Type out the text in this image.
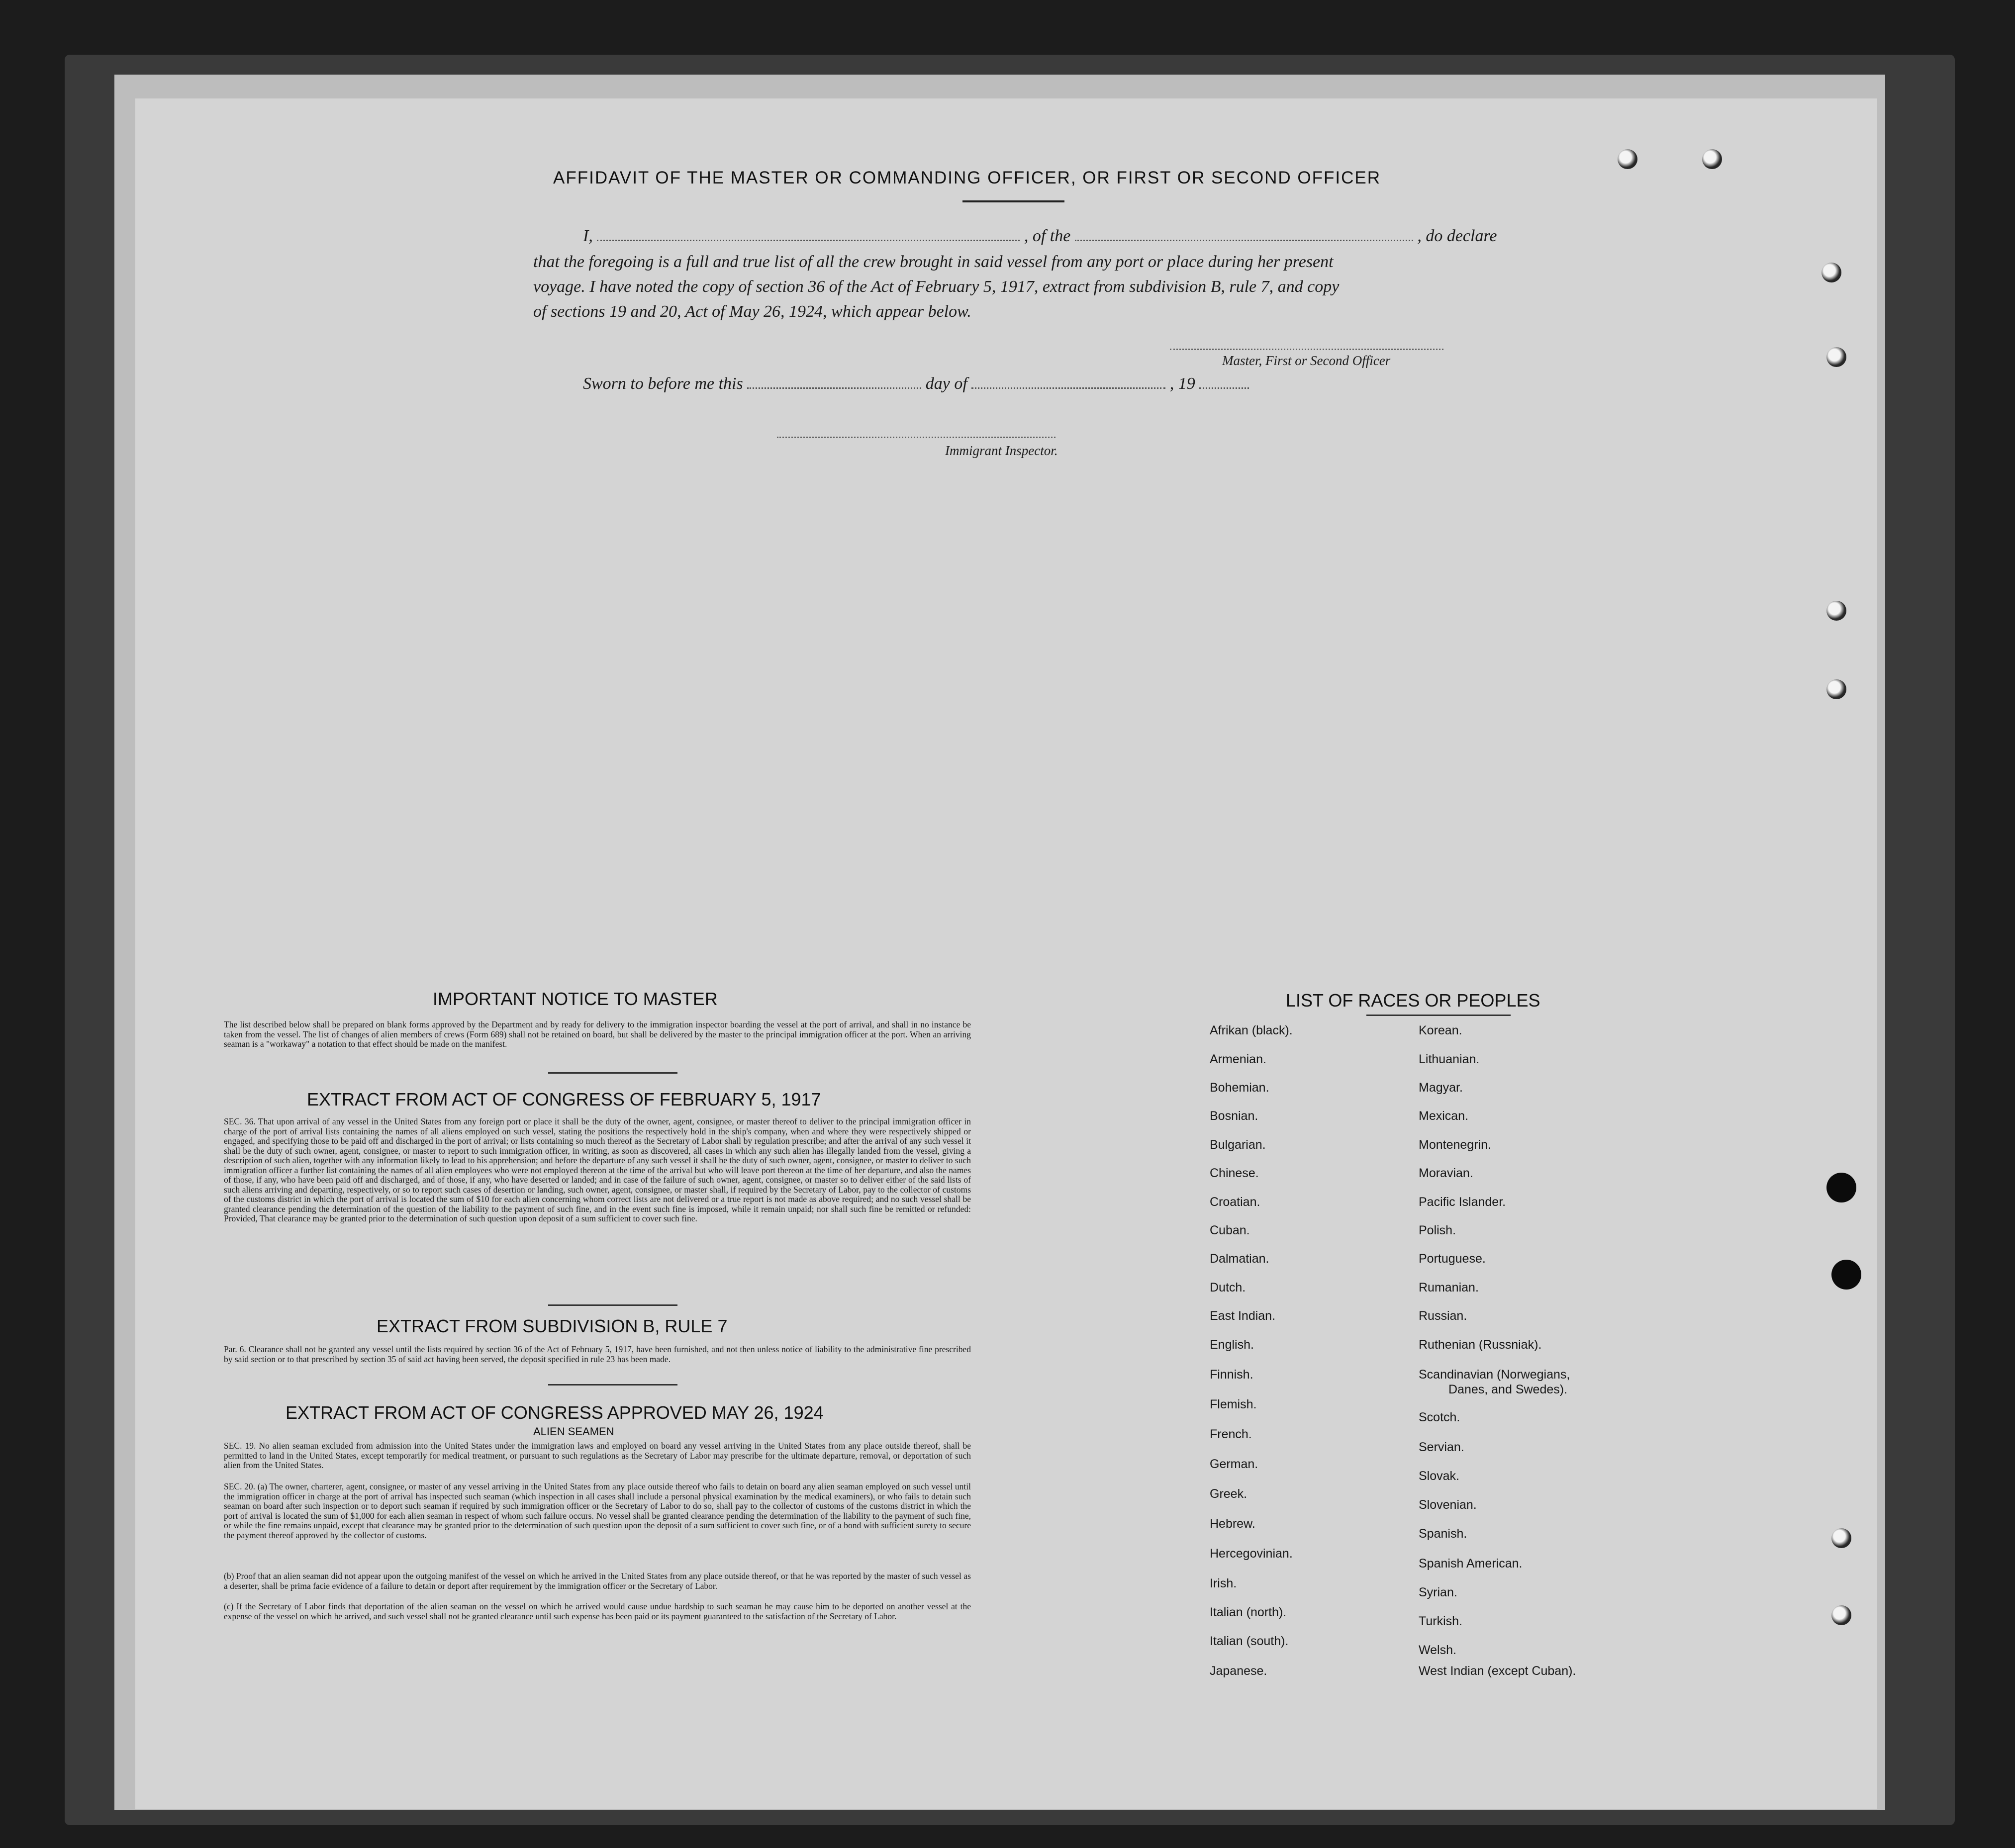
AFFIDAVIT OF THE MASTER OR COMMANDING OFFICER, OR FIRST OR SECOND OFFICER
I,	, of the	, do declare
that the foregoing is a full and true list of all the crew brought in said vessel from any port or place during her present
voyage. I have noted the copy of section 36 of the Act of February 5, 1917, extract from subdivision B, rule 7, and copy
of sections 19 and 20, Act of May 26, 1924, which appear below.
Master, First or Second Officer
Sworn to before me this	day of	, 19
Immigrant Inspector.
IMPORTANT NOTICE TO MASTER
The list described below shall be prepared on blank forms approved by the Department and by ready for delivery to the immigration inspector boarding the vessel at the port of arrival, and shall in no instance be taken from the vessel. The list of changes of alien members of crews (Form 689) shall not be retained on board, but shall be delivered by the master to the principal immigration officer at the port. When an arriving seaman is a "workaway" a notation to that effect should be made on the manifest.
EXTRACT FROM ACT OF CONGRESS OF FEBRUARY 5, 1917
SEC. 36. That upon arrival of any vessel in the United States from any foreign port or place it shall be the duty of the owner, agent, consignee, or master thereof to deliver to the principal immigration officer in charge of the port of arrival lists containing the names of all aliens employed on such vessel, stating the positions the respectively hold in the ship's company, when and where they were respectively shipped or engaged, and specifying those to be paid off and discharged in the port of arrival; or lists containing so much thereof as the Secretary of Labor shall by regulation prescribe; and after the arrival of any such vessel it shall be the duty of such owner, agent, consignee, or master to report to such immigration officer, in writing, as soon as discovered, all cases in which any such alien has illegally landed from the vessel, giving a description of such alien, together with any information likely to lead to his apprehension; and before the departure of any such vessel it shall be the duty of such owner, agent, consignee, or master to deliver to such immigration officer a further list containing the names of all alien employees who were not employed thereon at the time of the arrival but who will leave port thereon at the time of her departure, and also the names of those, if any, who have been paid off and discharged, and of those, if any, who have deserted or landed; and in case of the failure of such owner, agent, consignee, or master so to deliver either of the said lists of such aliens arriving and departing, respectively, or so to report such cases of desertion or landing, such owner, agent, consignee, or master shall, if required by the Secretary of Labor, pay to the collector of customs of the customs district in which the port of arrival is located the sum of $10 for each alien concerning whom correct lists are not delivered or a true report is not made as above required; and no such vessel shall be granted clearance pending the determination of the question of the liability to the payment of such fine, and in the event such fine is imposed, while it remain unpaid; nor shall such fine be remitted or refunded: Provided, That clearance may be granted prior to the determination of such question upon deposit of a sum sufficient to cover such fine.
EXTRACT FROM SUBDIVISION B, RULE 7
Par. 6. Clearance shall not be granted any vessel until the lists required by section 36 of the Act of February 5, 1917, have been furnished, and not then unless notice of liability to the administrative fine prescribed by said section or to that prescribed by section 35 of said act having been served, the deposit specified in rule 23 has been made.
EXTRACT FROM ACT OF CONGRESS APPROVED MAY 26, 1924
ALIEN SEAMEN
SEC. 19. No alien seaman excluded from admission into the United States under the immigration laws and employed on board any vessel arriving in the United States from any place outside thereof, shall be permitted to land in the United States, except temporarily for medical treatment, or pursuant to such regulations as the Secretary of Labor may prescribe for the ultimate departure, removal, or deportation of such alien from the United States.
SEC. 20. (a) The owner, charterer, agent, consignee, or master of any vessel arriving in the United States from any place outside thereof who fails to detain on board any alien seaman employed on such vessel until the immigration officer in charge at the port of arrival has inspected such seaman (which inspection in all cases shall include a personal physical examination by the medical examiners), or who fails to detain such seaman on board after such inspection or to deport such seaman if required by such immigration officer or the Secretary of Labor to do so, shall pay to the collector of customs of the customs district in which the port of arrival is located the sum of $1,000 for each alien seaman in respect of whom such failure occurs. No vessel shall be granted clearance pending the determination of the liability to the payment of such fine, or while the fine remains unpaid, except that clearance may be granted prior to the determination of such question upon the deposit of a sum sufficient to cover such fine, or of a bond with sufficient surety to secure the payment thereof approved by the collector of customs.
(b) Proof that an alien seaman did not appear upon the outgoing manifest of the vessel on which he arrived in the United States from any place outside thereof, or that he was reported by the master of such vessel as a deserter, shall be prima facie evidence of a failure to detain or deport after requirement by the immigration officer or the Secretary of Labor.
(c) If the Secretary of Labor finds that deportation of the alien seaman on the vessel on which he arrived would cause undue hardship to such seaman he may cause him to be deported on another vessel at the expense of the vessel on which he arrived, and such vessel shall not be granted clearance until such expense has been paid or its payment guaranteed to the satisfaction of the Secretary of Labor.
LIST OF RACES OR PEOPLES
Afrikan (black).
Armenian.
Bohemian.
Bosnian.
Bulgarian.
Chinese.
Croatian.
Cuban.
Dalmatian.
Dutch.
East Indian.
English.
Finnish.
Flemish.
French.
German.
Greek.
Hebrew.
Hercegovinian.
Irish.
Italian (north).
Italian (south).
Japanese.
Korean.
Lithuanian.
Magyar.
Mexican.
Montenegrin.
Moravian.
Pacific Islander.
Polish.
Portuguese.
Rumanian.
Russian.
Ruthenian (Russniak).
Scandinavian (Norwegians,
Danes, and Swedes).
Scotch.
Servian.
Slovak.
Slovenian.
Spanish.
Spanish American.
Syrian.
Turkish.
Welsh.
West Indian (except Cuban).
